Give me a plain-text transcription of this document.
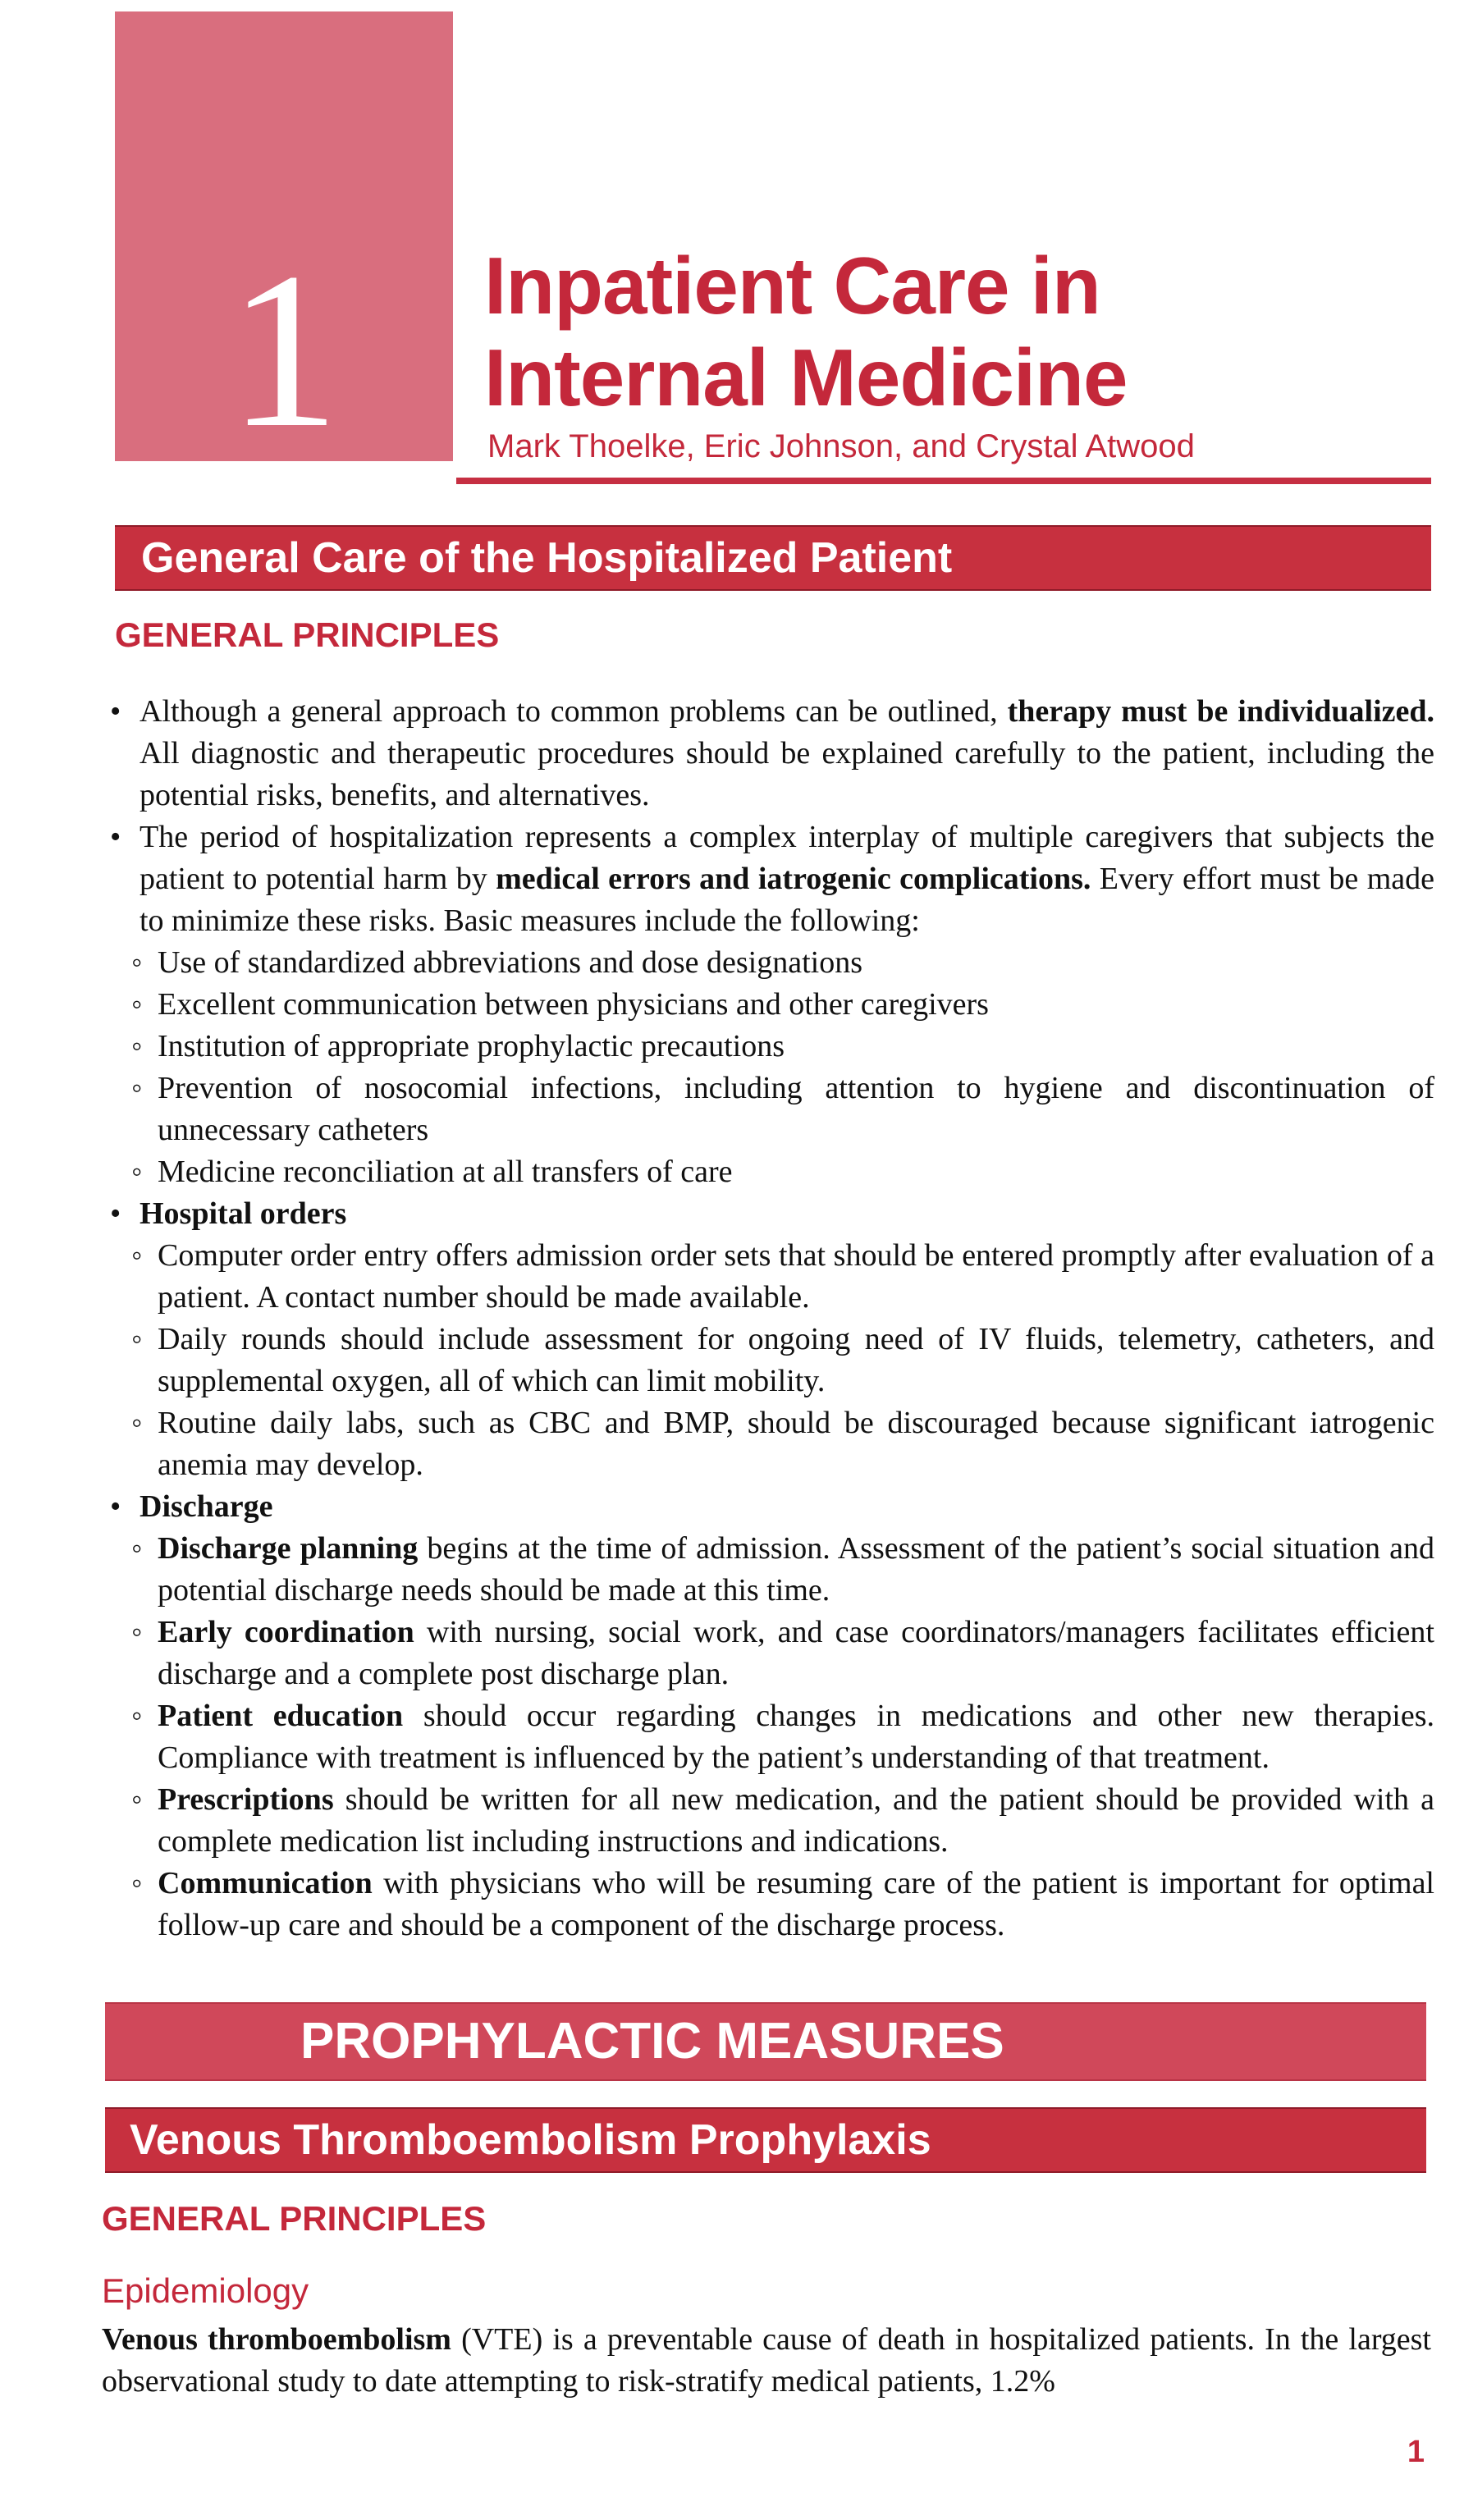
1	Inpatient Care in
Internal Medicine
Mark Thoelke, Eric Johnson, and Crystal Atwood
General Care of the Hospitalized Patient
GENERAL PRINCIPLES
• Although a general approach to common problems can be outlined, therapy must be individualized. All diagnostic and therapeutic procedures should be explained carefully to the patient, including the potential risks, benefits, and alternatives.
• The period of hospitalization represents a complex interplay of multiple caregivers that subjects the patient to potential harm by medical errors and iatrogenic complications. Every effort must be made to minimize these risks. Basic measures include the following:
◦ Use of standardized abbreviations and dose designations
◦ Excellent communication between physicians and other caregivers
◦ Institution of appropriate prophylactic precautions
◦ Prevention of nosocomial infections, including attention to hygiene and discontinuation of unnecessary catheters
◦ Medicine reconciliation at all transfers of care
• Hospital orders
◦ Computer order entry offers admission order sets that should be entered promptly after evaluation of a patient. A contact number should be made available.
◦ Daily rounds should include assessment for ongoing need of IV fluids, telemetry, catheters, and supplemental oxygen, all of which can limit mobility.
◦ Routine daily labs, such as CBC and BMP, should be discouraged because significant iatrogenic anemia may develop.
• Discharge
◦ Discharge planning begins at the time of admission. Assessment of the patient’s social situation and potential discharge needs should be made at this time.
◦ Early coordination with nursing, social work, and case coordinators/managers facilitates efficient discharge and a complete post discharge plan.
◦ Patient education should occur regarding changes in medications and other new therapies. Compliance with treatment is influenced by the patient’s understanding of that treatment.
◦ Prescriptions should be written for all new medication, and the patient should be provided with a complete medication list including instructions and indications.
◦ Communication with physicians who will be resuming care of the patient is important for optimal follow-up care and should be a component of the discharge process.
PROPHYLACTIC MEASURES
Venous Thromboembolism Prophylaxis
GENERAL PRINCIPLES
Epidemiology
Venous thromboembolism (VTE) is a preventable cause of death in hospitalized patients. In the largest observational study to date attempting to risk-stratify medical patients, 1.2%
1
